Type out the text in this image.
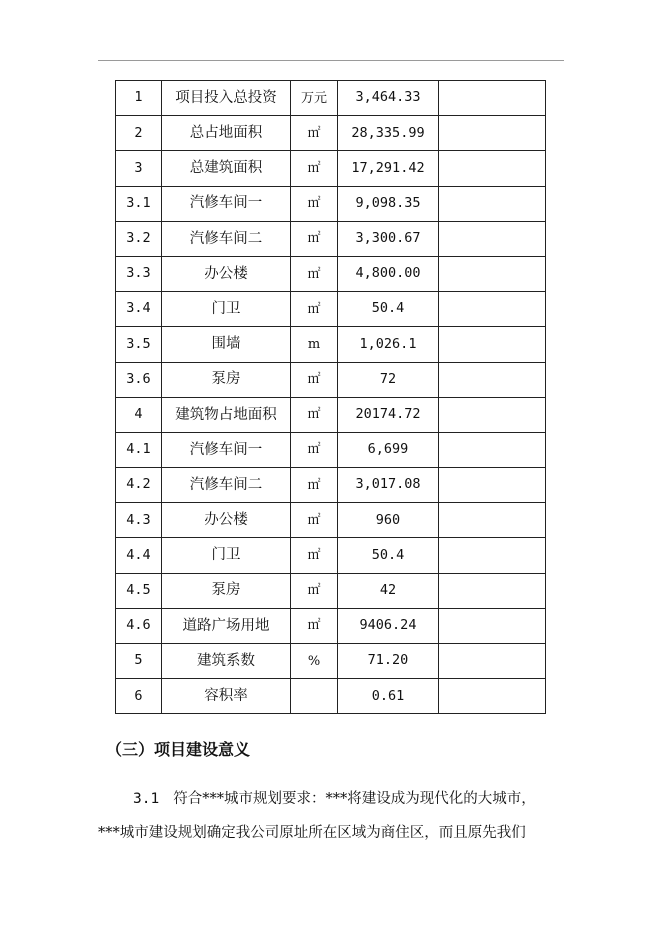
1	项目投入总投资	万元	3,464.33	
2	总占地面积	㎡	28,335.99	
3	总建筑面积	㎡	17,291.42	
3.1	汽修车间一	㎡	9,098.35	
3.2	汽修车间二	㎡	3,300.67	
3.3	办公楼	㎡	4,800.00	
3.4	门卫	㎡	50.4	
3.5	围墙	m	1,026.1	
3.6	泵房	㎡	72	
4	建筑物占地面积	㎡	20174.72	
4.1	汽修车间一	㎡	6,699	
4.2	汽修车间二	㎡	3,017.08	
4.3	办公楼	㎡	960	
4.4	门卫	㎡	50.4	
4.5	泵房	㎡	42	
4.6	道路广场用地	㎡	9406.24	
5	建筑系数	%	71.20	
6	容积率		0.61	
（三）项目建设意义
3.1 符合***城市规划要求：***将建设成为现代化的大城市，
***城市建设规划确定我公司原址所在区域为商住区，而且原先我们
